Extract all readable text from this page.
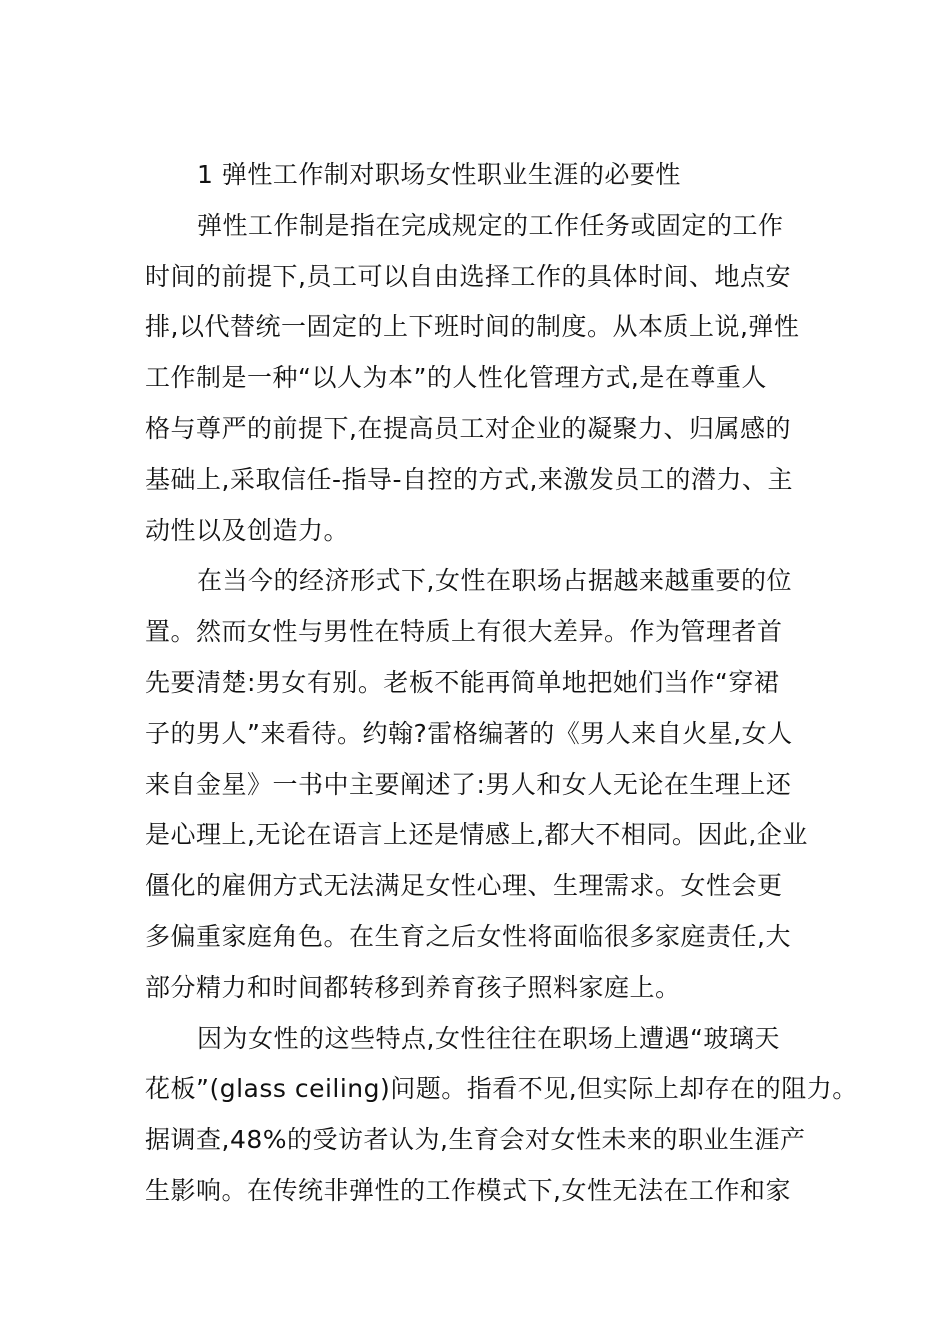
1 弹性工作制对职场女性职业生涯的必要性
弹性工作制是指在完成规定的工作任务或固定的工作
时间的前提下,员工可以自由选择工作的具体时间、地点安
排,以代替统一固定的上下班时间的制度。从本质上说,弹性
工作制是一种“以人为本”的人性化管理方式,是在尊重人
格与尊严的前提下,在提高员工对企业的凝聚力、归属感的
基础上,采取信任-指导-自控的方式,来激发员工的潜力、主
动性以及创造力。
在当今的经济形式下,女性在职场占据越来越重要的位
置。然而女性与男性在特质上有很大差异。作为管理者首
先要清楚:男女有别。老板不能再简单地把她们当作“穿裙
子的男人”来看待。约翰?雷格编著的《男人来自火星,女人
来自金星》一书中主要阐述了:男人和女人无论在生理上还
是心理上,无论在语言上还是情感上,都大不相同。因此,企业
僵化的雇佣方式无法满足女性心理、生理需求。女性会更
多偏重家庭角色。在生育之后女性将面临很多家庭责任,大
部分精力和时间都转移到养育孩子照料家庭上。
因为女性的这些特点,女性往往在职场上遭遇“玻璃天
花板”(glass ceiling)问题。指看不见,但实际上却存在的阻力。
据调查,48%的受访者认为,生育会对女性未来的职业生涯产
生影响。在传统非弹性的工作模式下,女性无法在工作和家
